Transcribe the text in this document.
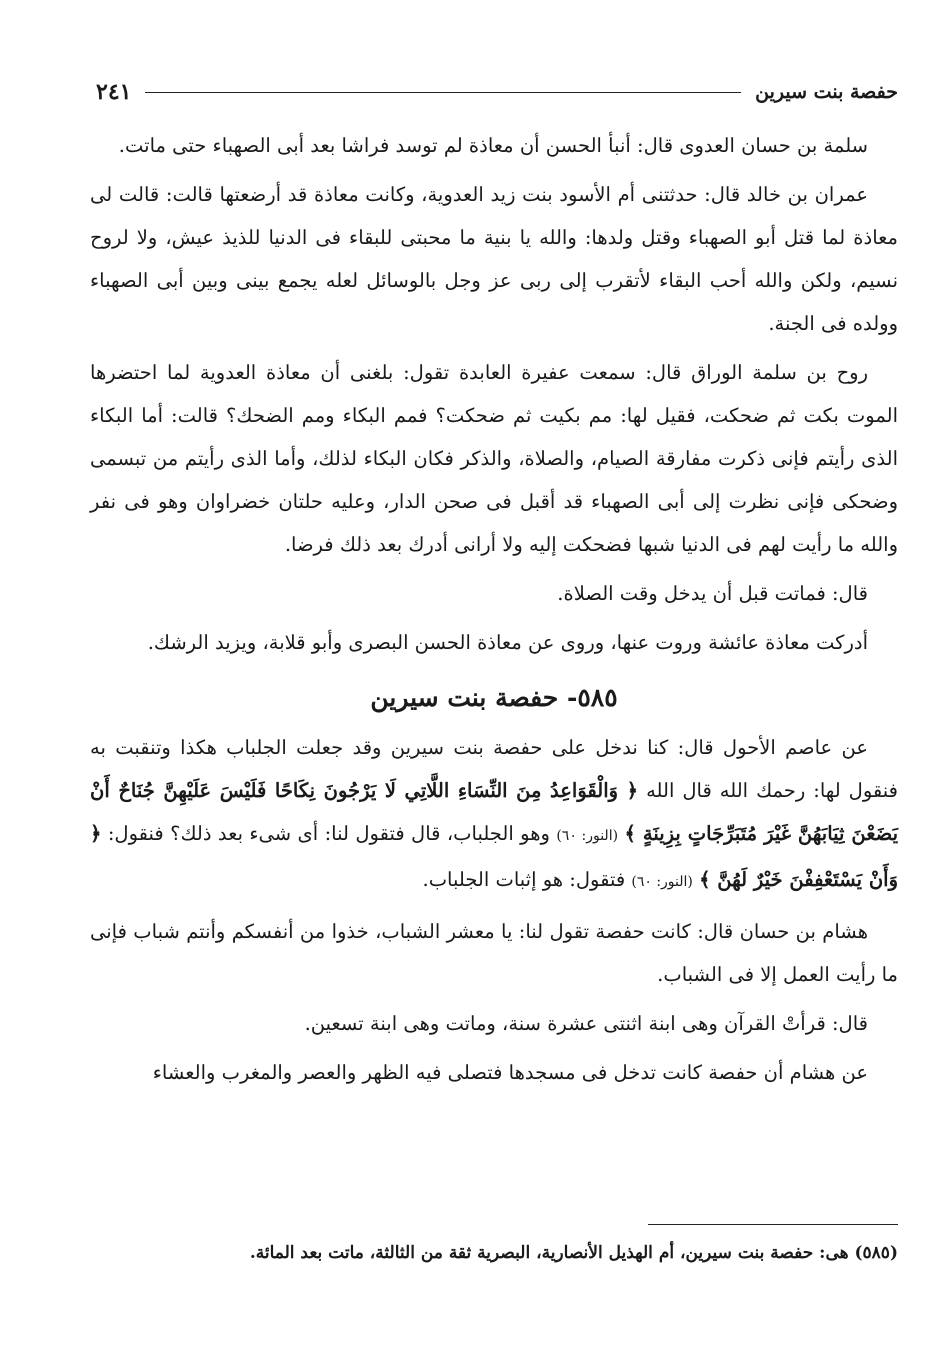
حفصة بنت سيرين
٢٤١

سلمة بن حسان العدوى قال: أنبأ الحسن أن معاذة لم توسد فراشا بعد أبى الصهباء حتى ماتت.

عمران بن خالد قال: حدثتنى أم الأسود بنت زيد العدوية، وكانت معاذة قد أرضعتها قالت: قالت لى معاذة لما قتل أبو الصهباء وقتل ولدها: والله يا بنية ما محبتى للبقاء فى الدنيا للذيذ عيش، ولا لروح نسيم، ولكن والله أحب البقاء لأتقرب إلى ربى عز وجل بالوسائل لعله يجمع بينى وبين أبى الصهباء وولده فى الجنة.

روح بن سلمة الوراق قال: سمعت عفيرة العابدة تقول: بلغنى أن معاذة العدوية لما احتضرها الموت بكت ثم ضحكت، فقيل لها: مم بكيت ثم ضحكت؟ فمم البكاء ومم الضحك؟ قالت: أما البكاء الذى رأيتم فإنى ذكرت مفارقة الصيام، والصلاة، والذكر فكان البكاء لذلك، وأما الذى رأيتم من تبسمى وضحكى فإنى نظرت إلى أبى الصهباء قد أقبل فى صحن الدار، وعليه حلتان خضراوان وهو فى نفر والله ما رأيت لهم فى الدنيا شبها فضحكت إليه ولا أرانى أدرك بعد ذلك فرضا.

قال: فماتت قبل أن يدخل وقت الصلاة.

أدركت معاذة عائشة وروت عنها، وروى عن معاذة الحسن البصرى وأبو قلابة، ويزيد الرشك.

٥٨٥- حفصة بنت سيرين

عن عاصم الأحول قال: كنا ندخل على حفصة بنت سيرين وقد جعلت الجلباب هكذا وتنقبت به فنقول لها: رحمك الله قال الله ﴿ وَالْقَوَاعِدُ مِنَ النِّسَاءِ اللَّاتِي لَا يَرْجُونَ نِكَاحًا فَلَيْسَ عَلَيْهِنَّ جُنَاحٌ أَنْ يَضَعْنَ ثِيَابَهُنَّ غَيْرَ مُتَبَرِّجَاتٍ بِزِينَةٍ ﴾ (النور: ٦٠) وهو الجلباب، قال فتقول لنا: أى شىء بعد ذلك؟ فنقول: ﴿ وَأَنْ يَسْتَعْفِفْنَ خَيْرٌ لَهُنَّ ﴾ (النور: ٦٠) فتقول: هو إثبات الجلباب.

هشام بن حسان قال: كانت حفصة تقول لنا: يا معشر الشباب، خذوا من أنفسكم وأنتم شباب فإنى ما رأيت العمل إلا فى الشباب.

قال: قرأتْ القرآن وهى ابنة اثنتى عشرة سنة، وماتت وهى ابنة تسعين.

عن هشام أن حفصة كانت تدخل فى مسجدها فتصلى فيه الظهر والعصر والمغرب والعشاء

(٥٨٥) هى: حفصة بنت سيرين، أم الهذيل الأنصارية، البصرية ثقة من الثالثة، ماتت بعد المائة.
